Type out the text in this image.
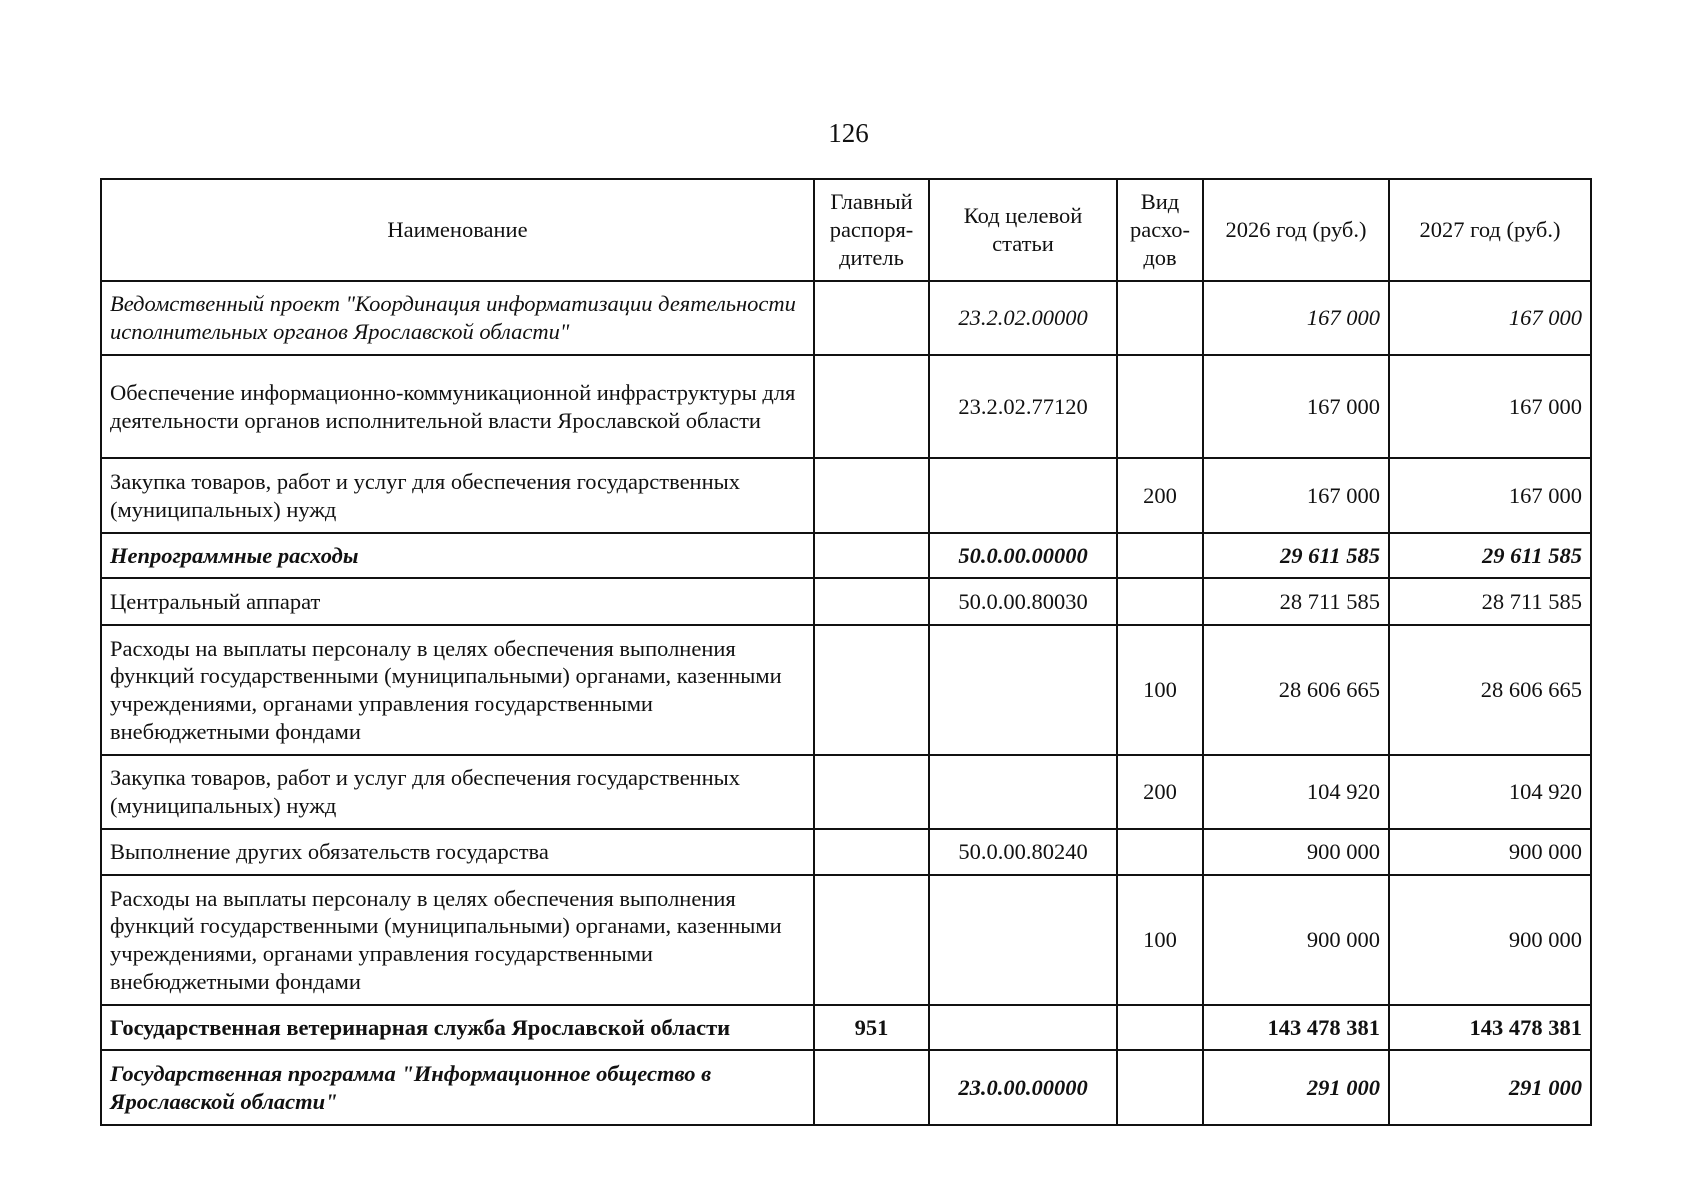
126
Наименование	Главный распоря-дитель	Код целевой статьи	Вид расхо-дов	2026 год (руб.)	2027 год (руб.)
Ведомственный проект "Координация информатизации деятельности исполнительных органов Ярославской области"		23.2.02.00000		167 000	167 000
Обеспечение информационно-коммуникационной инфраструктуры для деятельности органов исполнительной власти Ярославской области		23.2.02.77120		167 000	167 000
Закупка товаров, работ и услуг для обеспечения государственных (муниципальных) нужд			200	167 000	167 000
Непрограммные расходы		50.0.00.00000		29 611 585	29 611 585
Центральный аппарат		50.0.00.80030		28 711 585	28 711 585
Расходы на выплаты персоналу в целях обеспечения выполнения функций государственными (муниципальными) органами, казенными учреждениями, органами управления государственными внебюджетными фондами			100	28 606 665	28 606 665
Закупка товаров, работ и услуг для обеспечения государственных (муниципальных) нужд			200	104 920	104 920
Выполнение других обязательств государства		50.0.00.80240		900 000	900 000
Расходы на выплаты персоналу в целях обеспечения выполнения функций государственными (муниципальными) органами, казенными учреждениями, органами управления государственными внебюджетными фондами			100	900 000	900 000
Государственная ветеринарная служба Ярославской области	951			143 478 381	143 478 381
Государственная программа "Информационное общество в Ярославской области"		23.0.00.00000		291 000	291 000
